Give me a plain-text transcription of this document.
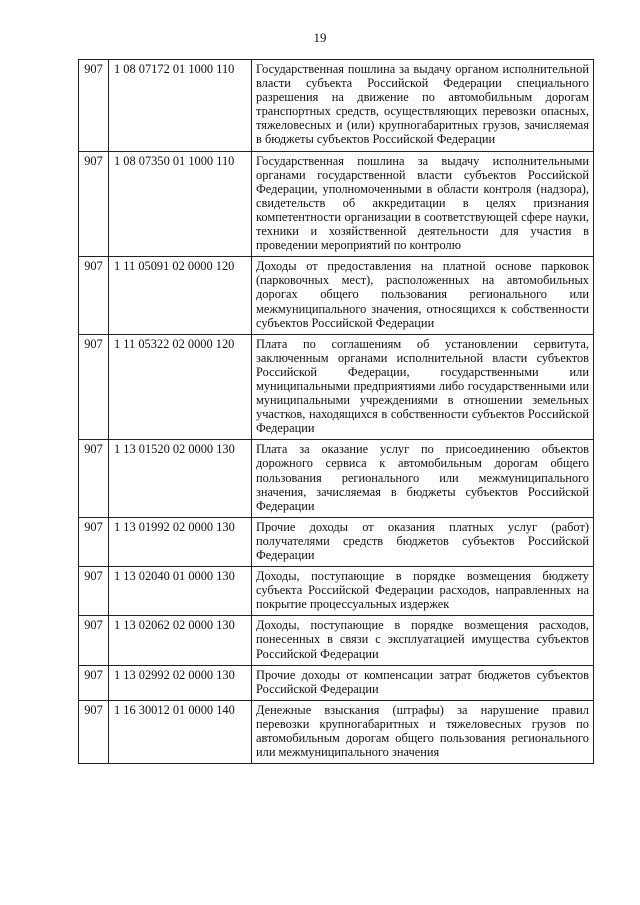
19
907	1 08 07172 01 1000 110	Государственная пошлина за выдачу органом исполнительной власти субъекта Российской Федерации специального разрешения на движение по автомобильным дорогам транспортных средств, осуществляющих перевозки опасных, тяжеловесных и (или) крупногабаритных грузов, зачисляемая в бюджеты субъектов Российской Федерации
907	1 08 07350 01 1000 110	Государственная пошлина за выдачу исполнительными органами государственной власти субъектов Российской Федерации, уполномоченными в области контроля (надзора), свидетельств об аккредитации в целях признания компетентности организации в соответствующей сфере науки, техники и хозяйственной деятельности для участия в проведении мероприятий по контролю
907	1 11 05091 02 0000 120	Доходы от предоставления на платной основе парковок (парковочных мест), расположенных на автомобильных дорогах общего пользования регионального или межмуниципального значения, относящихся к собственности субъектов Российской Федерации
907	1 11 05322 02 0000 120	Плата по соглашениям об установлении сервитута, заключенным органами исполнительной власти субъектов Российской Федерации, государственными или муниципальными предприятиями либо государственными или муниципальными учреждениями в отношении земельных участков, находящихся в собственности субъектов Российской Федерации
907	1 13 01520 02 0000 130	Плата за оказание услуг по присоединению объектов дорожного сервиса к автомобильным дорогам общего пользования регионального или межмуниципального значения, зачисляемая в бюджеты субъектов Российской Федерации
907	1 13 01992 02 0000 130	Прочие доходы от оказания платных услуг (работ) получателями средств бюджетов субъектов Российской Федерации
907	1 13 02040 01 0000 130	Доходы, поступающие в порядке возмещения бюджету субъекта Российской Федерации расходов, направленных на покрытие процессуальных издержек
907	1 13 02062 02 0000 130	Доходы, поступающие в порядке возмещения расходов, понесенных в связи с эксплуатацией имущества субъектов Российской Федерации
907	1 13 02992 02 0000 130	Прочие доходы от компенсации затрат бюджетов субъектов Российской Федерации
907	1 16 30012 01 0000 140	Денежные взыскания (штрафы) за нарушение правил перевозки крупногабаритных и тяжеловесных грузов по автомобильным дорогам общего пользования регионального или межмуниципального значения
